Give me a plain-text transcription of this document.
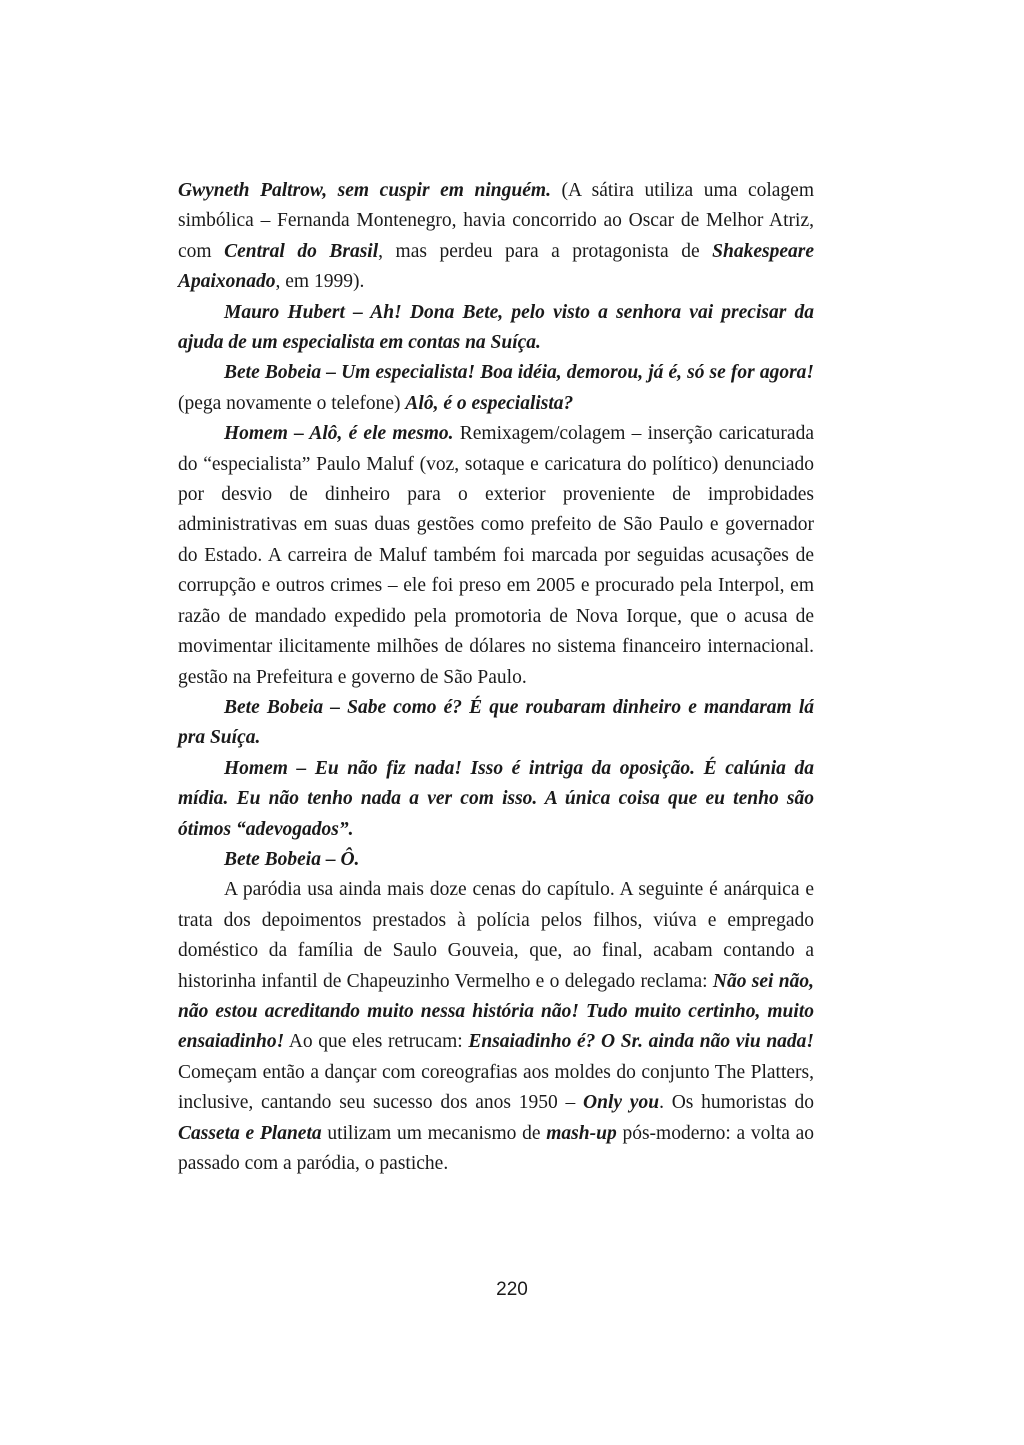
Gwyneth Paltrow, sem cuspir em ninguém. (A sátira utiliza uma colagem simbólica – Fernanda Montenegro, havia concorrido ao Oscar de Melhor Atriz, com Central do Brasil, mas perdeu para a protagonista de Shakespeare Apaixonado, em 1999).

Mauro Hubert – Ah! Dona Bete, pelo visto a senhora vai precisar da ajuda de um especialista em contas na Suíça.

Bete Bobeia – Um especialista! Boa idéia, demorou, já é, só se for agora! (pega novamente o telefone) Alô, é o especialista?

Homem – Alô, é ele mesmo. Remixagem/colagem – inserção caricaturada do “especialista” Paulo Maluf (voz, sotaque e caricatura do político) denunciado por desvio de dinheiro para o exterior proveniente de improbidades administrativas em suas duas gestões como prefeito de São Paulo e governador do Estado. A carreira de Maluf também foi marcada por seguidas acusações de corrupção e outros crimes – ele foi preso em 2005 e procurado pela Interpol, em razão de mandado expedido pela promotoria de Nova Iorque, que o acusa de movimentar ilicitamente milhões de dólares no sistema financeiro internacional. gestão na Prefeitura e governo de São Paulo.

Bete Bobeia – Sabe como é? É que roubaram dinheiro e mandaram lá pra Suíça.

Homem – Eu não fiz nada! Isso é intriga da oposição. É calúnia da mídia. Eu não tenho nada a ver com isso. A única coisa que eu tenho são ótimos “adevogados”.

Bete Bobeia – Ô.

A paródia usa ainda mais doze cenas do capítulo. A seguinte é anárquica e trata dos depoimentos prestados à polícia pelos filhos, viúva e empregado doméstico da família de Saulo Gouveia, que, ao final, acabam contando a historinha infantil de Chapeuzinho Vermelho e o delegado reclama: Não sei não, não estou acreditando muito nessa história não! Tudo muito certinho, muito ensaiadinho! Ao que eles retrucam: Ensaiadinho é? O Sr. ainda não viu nada! Começam então a dançar com coreografias aos moldes do conjunto The Platters, inclusive, cantando seu sucesso dos anos 1950 – Only you. Os humoristas do Casseta e Planeta utilizam um mecanismo de mash-up pós-moderno: a volta ao passado com a paródia, o pastiche.

220
